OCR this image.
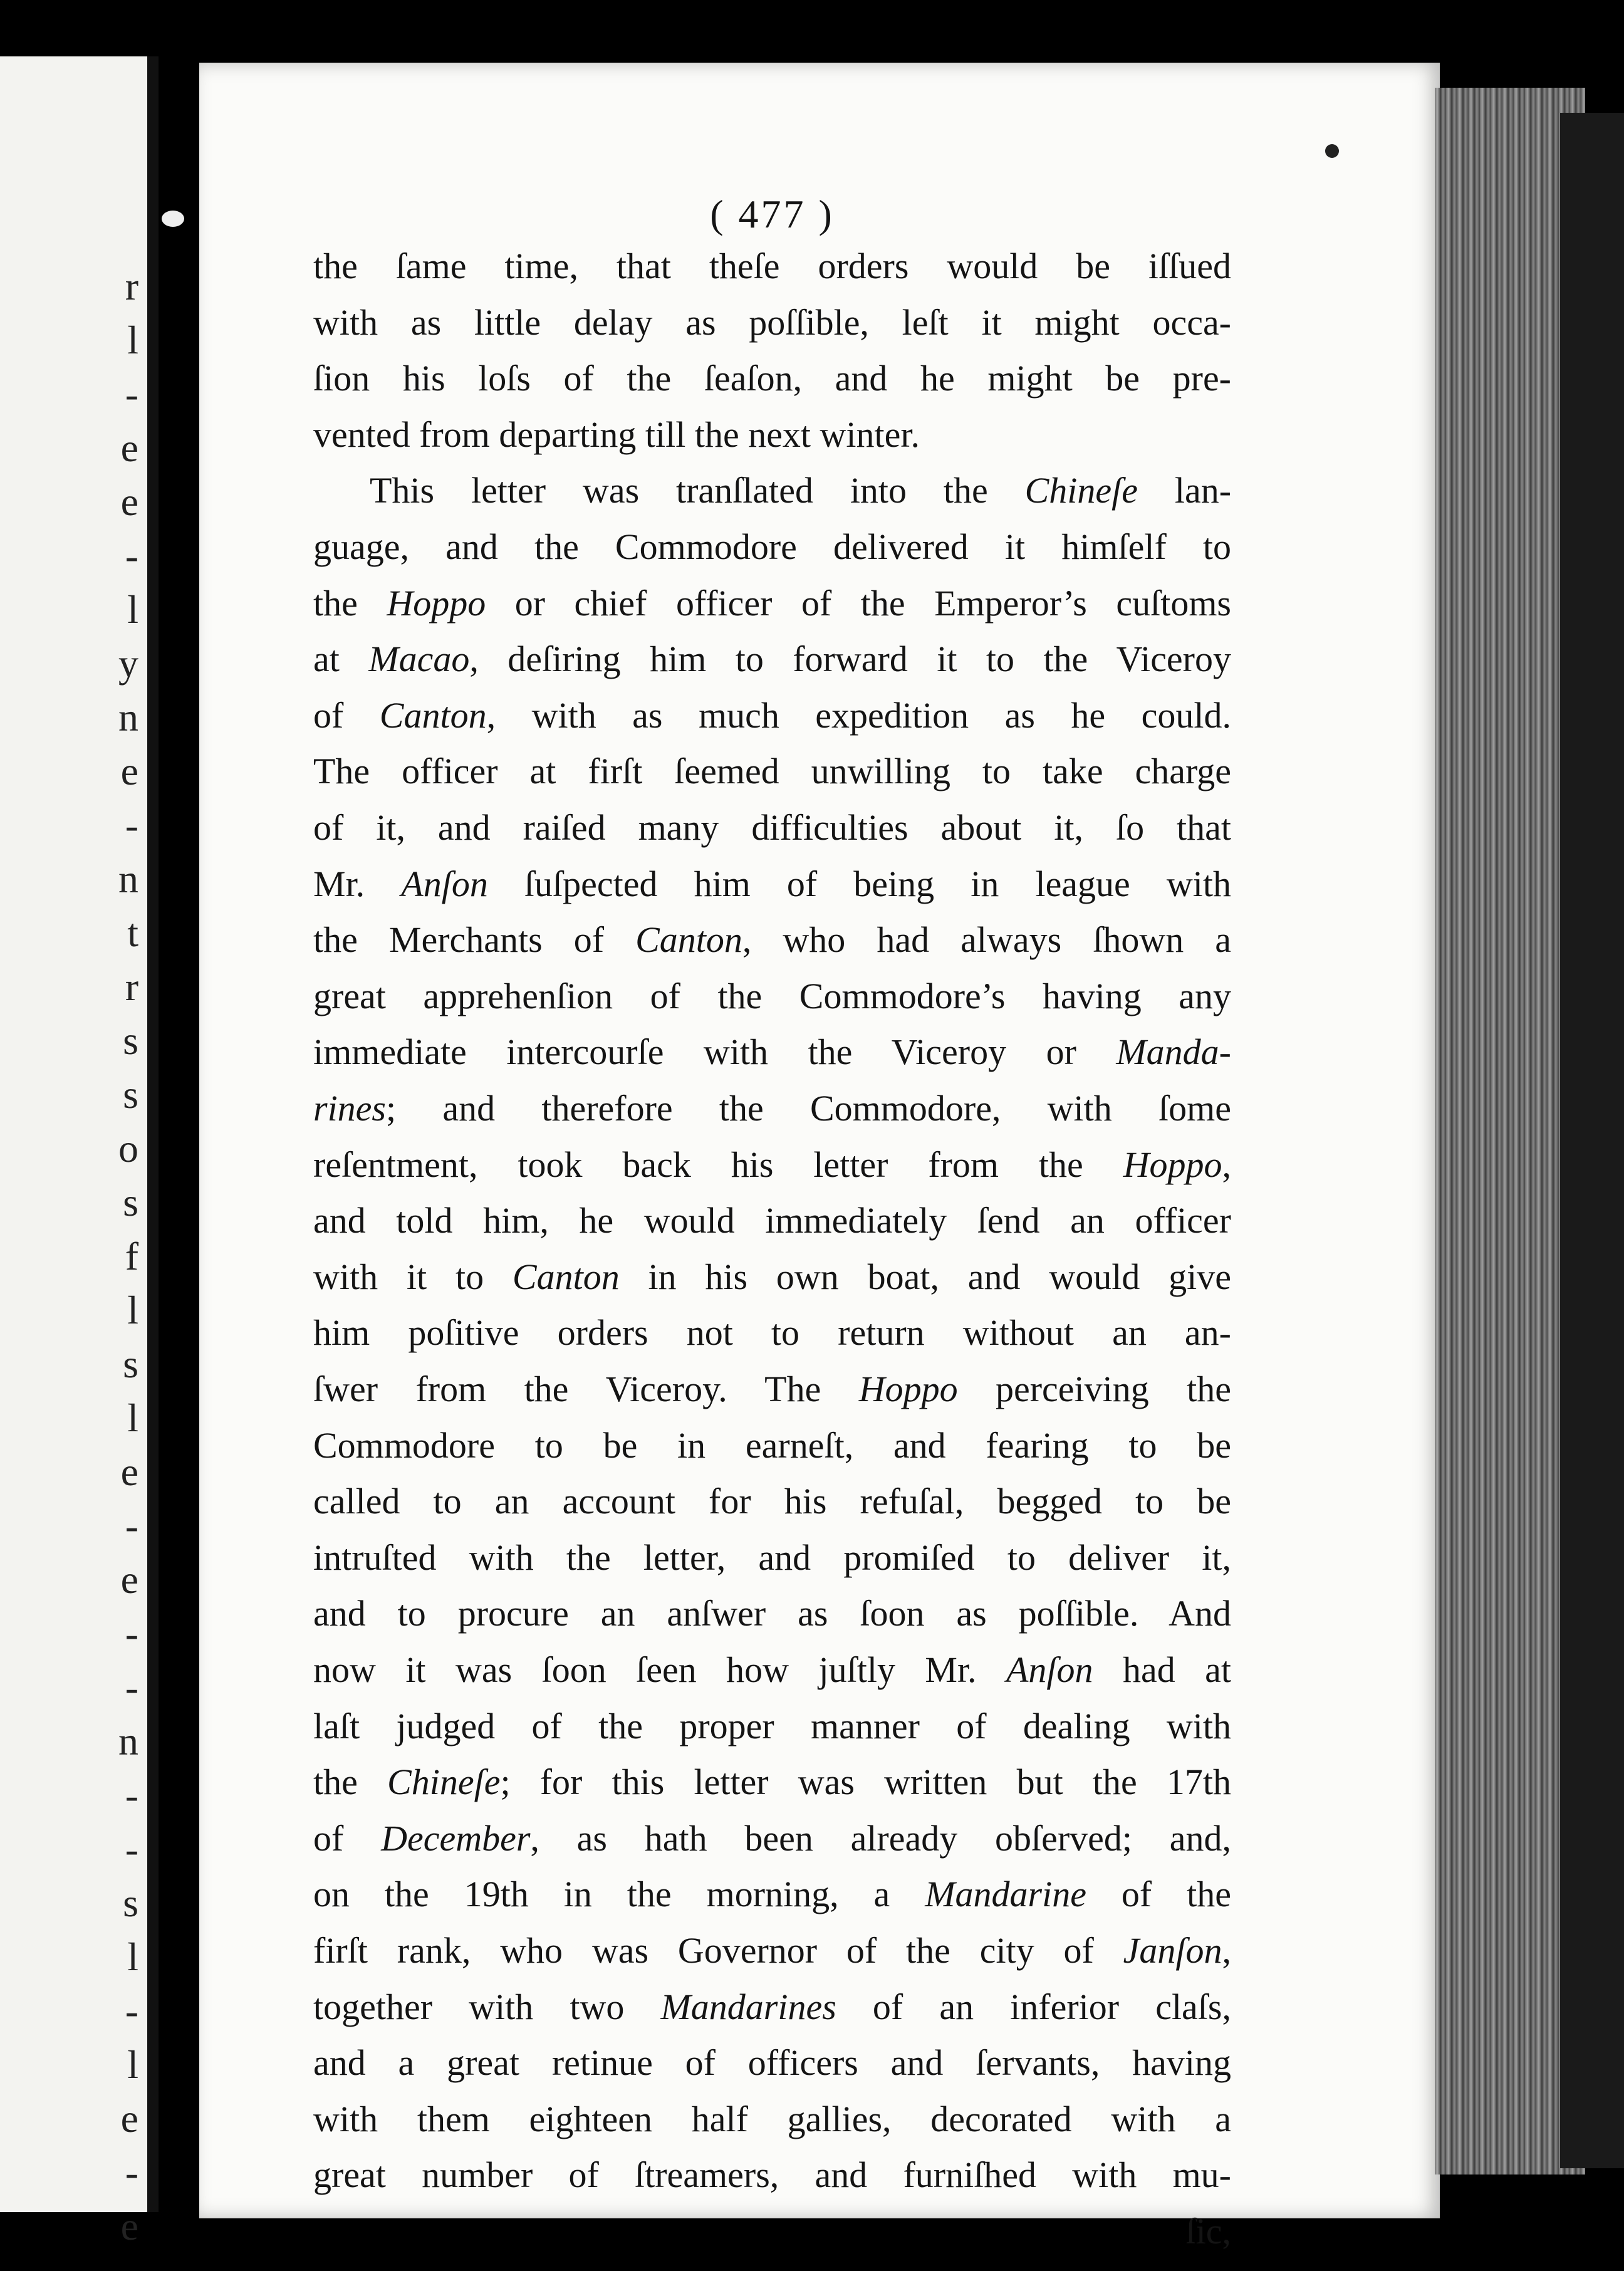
r
l
-
e
e
-
l
y
n
e
-
n
t
r
s
s
o
s
f
l
s
l
e
-
e
-
-
n
-
-
s
l
-
l
e
-
e
( 477 )
the ſame time, that theſe orders would be iſſued
with as little delay as poſſible, leſt it might occa-
ſion his loſs of the ſeaſon, and he might be pre-
vented from departing till the next winter.
This letter was tranſlated into the Chineſe lan-
guage, and the Commodore delivered it himſelf to
the Hoppo or chief officer of the Emperor’s cuſtoms
at Macao, deſiring him to forward it to the Viceroy
of Canton, with as much expedition as he could.
The officer at firſt ſeemed unwilling to take charge
of it, and raiſed many difficulties about it, ſo that
Mr. Anſon ſuſpected him of being in league with
the Merchants of Canton, who had always ſhown a
great apprehenſion of the Commodore’s having any
immediate intercourſe with the Viceroy or Manda-
rines; and therefore the Commodore, with ſome
reſentment, took back his letter from the Hoppo,
and told him, he would immediately ſend an officer
with it to Canton in his own boat, and would give
him poſitive orders not to return without an an-
ſwer from the Viceroy. The Hoppo perceiving the
Commodore to be in earneſt, and fearing to be
called to an account for his refuſal, begged to be
intruſted with the letter, and promiſed to deliver it,
and to procure an anſwer as ſoon as poſſible. And
now it was ſoon ſeen how juſtly Mr. Anſon had at
laſt judged of the proper manner of dealing with
the Chineſe; for this letter was written but the 17th
of December, as hath been already obſerved; and,
on the 19th in the morning, a Mandarine of the
firſt rank, who was Governor of the city of Janſon,
together with two Mandarines of an inferior claſs,
and a great retinue of officers and ſervants, having
with them eighteen half gallies, decorated with a
great number of ſtreamers, and furniſhed with mu-
ſic,
